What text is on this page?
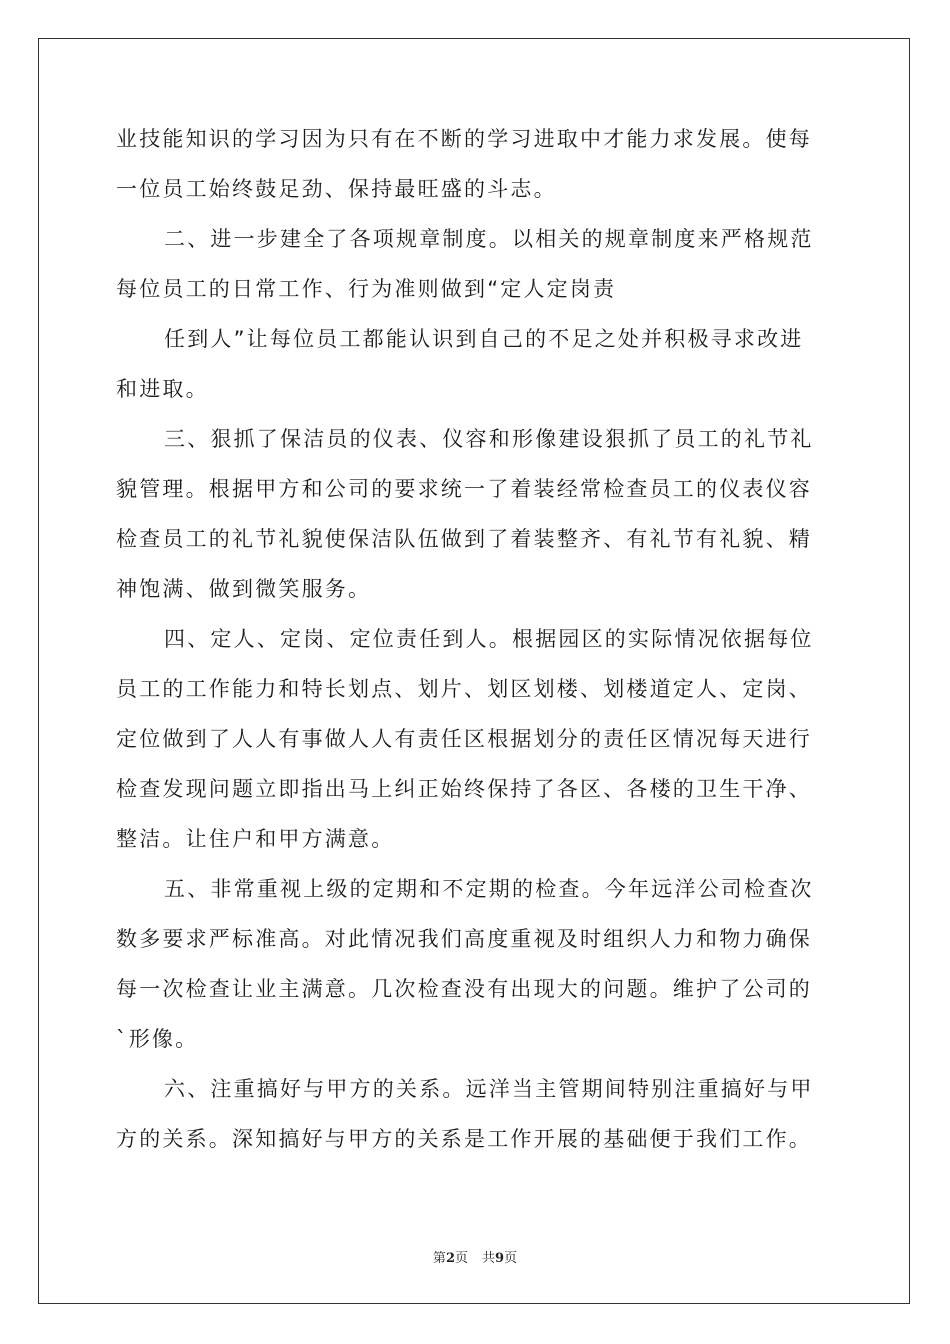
业技能知识的学习因为只有在不断的学习进取中才能力求发展。使每
一位员工始终鼓足劲、保持最旺盛的斗志。
二、进一步建全了各项规章制度。以相关的规章制度来严格规范
每位员工的日常工作、行为准则做到“定人定岗责
任到人”让每位员工都能认识到自己的不足之处并积极寻求改进
和进取。
三、狠抓了保洁员的仪表、仪容和形像建设狠抓了员工的礼节礼
貌管理。根据甲方和公司的要求统一了着装经常检查员工的仪表仪容
检查员工的礼节礼貌使保洁队伍做到了着装整齐、有礼节有礼貌、精
神饱满、做到微笑服务。
四、定人、定岗、定位责任到人。根据园区的实际情况依据每位
员工的工作能力和特长划点、划片、划区划楼、划楼道定人、定岗、
定位做到了人人有事做人人有责任区根据划分的责任区情况每天进行
检查发现问题立即指出马上纠正始终保持了各区、各楼的卫生干净、
整洁。让住户和甲方满意。
五、非常重视上级的定期和不定期的检查。今年远洋公司检查次
数多要求严标准高。对此情况我们高度重视及时组织人力和物力确保
每一次检查让业主满意。几次检查没有出现大的问题。维护了公司的
`形像。
六、注重搞好与甲方的关系。远洋当主管期间特别注重搞好与甲
方的关系。深知搞好与甲方的关系是工作开展的基础便于我们工作。
第2页 共9页
